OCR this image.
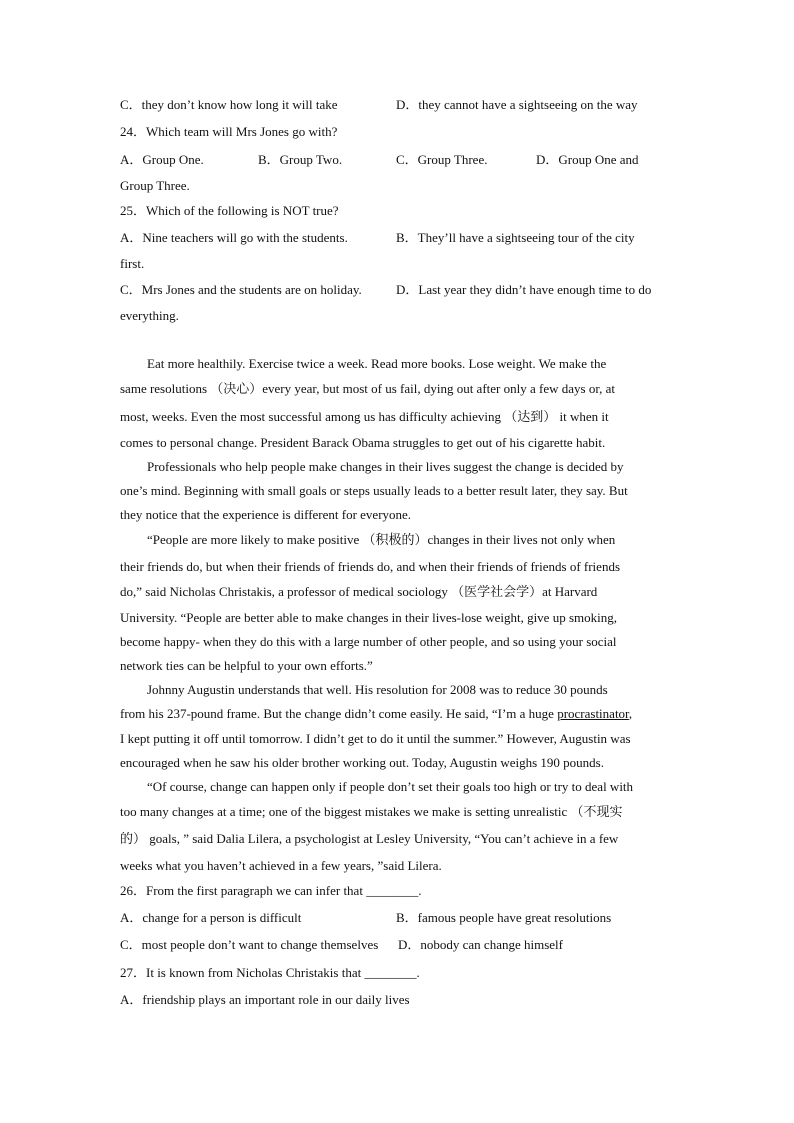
C．they don’t know how long it will take	D．they cannot have a sightseeing on the way
24．Which team will Mrs Jones go with?
A．Group One.	B．Group Two.	C．Group Three.	D．Group One and
Group Three.
25．Which of the following is NOT true?
A．Nine teachers will go with the students.	B．They’ll have a sightseeing tour of the city
first.
C．Mrs Jones and the students are on holiday.	D．Last year they didn’t have enough time to do
everything.
Eat more healthily. Exercise twice a week. Read more books. Lose weight. We make the
same resolutions （决心）every year, but most of us fail, dying out after only a few days or, at
most, weeks. Even the most successful among us has difficulty achieving （达到） it when it
comes to personal change. President Barack Obama struggles to get out of his cigarette habit.
Professionals who help people make changes in their lives suggest the change is decided by
one’s mind. Beginning with small goals or steps usually leads to a better result later, they say. But
they notice that the experience is different for everyone.
“People are more likely to make positive （积极的）changes in their lives not only when
their friends do, but when their friends of friends do, and when their friends of friends of friends
do,” said Nicholas Christakis, a professor of medical sociology （医学社会学）at Harvard
University. “People are better able to make changes in their lives-lose weight, give up smoking,
become happy- when they do this with a large number of other people, and so using your social
network ties can be helpful to your own efforts.”
Johnny Augustin understands that well. His resolution for 2008 was to reduce 30 pounds
from his 237-pound frame. But the change didn’t come easily. He said, “I’m a huge procrastinator,
I kept putting it off until tomorrow. I didn’t get to do it until the summer.” However, Augustin was
encouraged when he saw his older brother working out. Today, Augustin weighs 190 pounds.
“Of course, change can happen only if people don’t set their goals too high or try to deal with
too many changes at a time; one of the biggest mistakes we make is setting unrealistic （不现实
的） goals, ” said Dalia Lilera, a psychologist at Lesley University, “You can’t achieve in a few
weeks what you haven’t achieved in a few years, ”said Lilera.
26．From the first paragraph we can infer that ________.
A．change for a person is difficult	B．famous people have great resolutions
C．most people don’t want to change themselves D．nobody can change himself
27．It is known from Nicholas Christakis that ________.
A．friendship plays an important role in our daily lives
